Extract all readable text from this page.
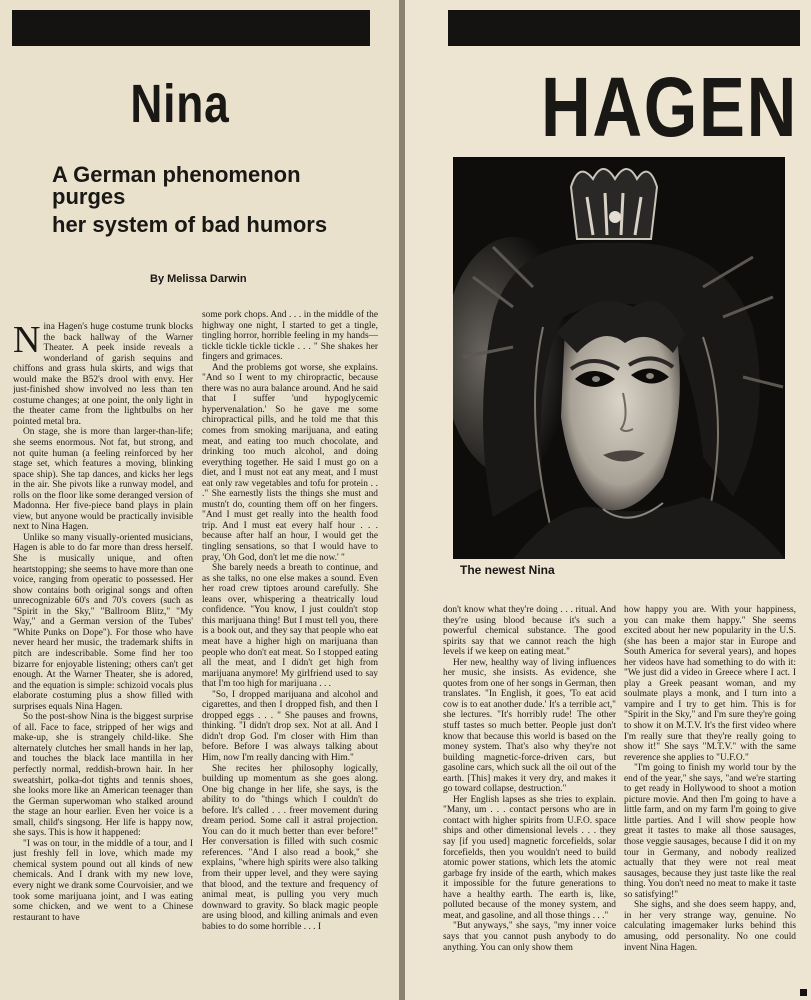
Nina
A German phenomenon purges
her system of bad humors
By Melissa Darwin

Nina Hagen's huge costume trunk blocks the back hallway of the Warner Theater. A peek inside reveals a wonderland of garish sequins and chiffons and grass hula skirts, and wigs that would make the B52's drool with envy. Her just-finished show involved no less than ten costume changes; at one point, the only light in the theater came from the lightbulbs on her pointed metal bra.

On stage, she is more than larger-than-life; she seems enormous. Not fat, but strong, and not quite human (a feeling reinforced by her stage set, which features a moving, blinking space ship). She tap dances, and kicks her legs in the air. She pivots like a runway model, and rolls on the floor like some deranged version of Madonna. Her five-piece band plays in plain view, but anyone would be practically invisible next to Nina Hagen.

Unlike so many visually-oriented musicians, Hagen is able to do far more than dress herself. She is musically unique, and often heartstopping; she seems to have more than one voice, ranging from operatic to possessed. Her show contains both original songs and often unrecognizable 60's and 70's covers (such as "Spirit in the Sky," "Ballroom Blitz," "My Way," and a German version of the Tubes' "White Punks on Dope"). For those who have never heard her music, the trademark shifts in pitch are indescribable. Some find her too bizarre for enjoyable listening; others can't get enough. At the Warner Theater, she is adored, and the equation is simple: schizoid vocals plus elaborate costuming plus a show filled with surprises equals Nina Hagen.

So the post-show Nina is the biggest surprise of all. Face to face, stripped of her wigs and make-up, she is strangely child-like. She alternately clutches her small hands in her lap, and touches the black lace mantilla in her perfectly normal, reddish-brown hair. In her sweatshirt, polka-dot tights and tennis shoes, she looks more like an American teenager than the German superwoman who stalked around the stage an hour earlier. Even her voice is a small, child's singsong. Her life is happy now, she says. This is how it happened:

"I was on tour, in the middle of a tour, and I just freshly fell in love, which made my chemical system pound out all kinds of new chemicals. And I drank with my new love, every night we drank some Courvoisier, and we took some marijuana joint, and I was eating some chicken, and we went to a Chinese restaurant to have

some pork chops. And . . . in the middle of the highway one night, I started to get a tingle, tingling horror, horrible feeling in my hands—tickle tickle tickle tickle . . . " She shakes her fingers and grimaces.

And the problems got worse, she explains. "And so I went to my chiropractic, because there was no aura balance around. And he said that I suffer 'und hypoglycemic hypervenalation.' So he gave me some chiropractical pills, and he told me that this comes from smoking marijuana, and eating meat, and eating too much chocolate, and drinking too much alcohol, and doing everything together. He said I must go on a diet, and I must not eat any meat, and I must eat only raw vegetables and tofu for protein . . ." She earnestly lists the things she must and mustn't do, counting them off on her fingers. "And I must get really into the health food trip. And I must eat every half hour . . . because after half an hour, I would get the tingling sensations, so that I would have to pray, 'Oh God, don't let me die now.' "

She barely needs a breath to continue, and as she talks, no one else makes a sound. Even her road crew tiptoes around carefully. She leans over, whispering a theatrically loud confidence. "You know, I just couldn't stop this marijuana thing! But I must tell you, there is a book out, and they say that people who eat meat have a higher high on marijuana than people who don't eat meat. So I stopped eating all the meat, and I didn't get high from marijuana anymore! My girlfriend used to say that I'm too high for marijuana . . .

"So, I dropped marijuana and alcohol and cigarettes, and then I dropped fish, and then I dropped eggs . . . " She pauses and frowns, thinking. "I didn't drop sex. Not at all. And I didn't drop God. I'm closer with Him than before. Before I was always talking about Him, now I'm really dancing with Him."

She recites her philosophy logically, building up momentum as she goes along. One big change in her life, she says, is the ability to do "things which I couldn't do before. It's called . . . freer movement during dream period. Some call it astral projection. You can do it much better than ever before!" Her conversation is filled with such cosmic references. "And I also read a book," she explains, "where high spirits were also talking from their upper level, and they were saying that blood, and the texture and frequency of animal meat, is pulling you very much downward to gravity. So black magic people are using blood, and killing animals and even babies to do some horrible . . . I

HAGEN
The newest Nina

don't know what they're doing . . . ritual. And they're using blood because it's such a powerful chemical substance. The good spirits say that we cannot reach the high levels if we keep on eating meat."

Her new, healthy way of living influences her music, she insists. As evidence, she quotes from one of her songs in German, then translates. "In English, it goes, 'To eat acid cow is to eat another dude.' It's a terrible act," she lectures. "It's horribly rude! The other stuff tastes so much better. People just don't know that because this world is based on the money system. That's also why they're not building magnetic-force-driven cars, but gasoline cars, which suck all the oil out of the earth. [This] makes it very dry, and makes it go toward collapse, destruction."

Her English lapses as she tries to explain. "Many, um . . . contact persons who are in contact with higher spirits from U.F.O. space ships and other dimensional levels . . . they say [if you used] magnetic forcefields, solar forcefields, then you wouldn't need to build atomic power stations, which lets the atomic garbage fry inside of the earth, which makes it impossible for the future generations to have a healthy earth. The earth is, like, polluted because of the money system, and meat, and gasoline, and all those things . . ."

"But anyways," she says, "my inner voice says that you cannot push anybody to do anything. You can only show them

how happy you are. With your happiness, you can make them happy." She seems excited about her new popularity in the U.S. (she has been a major star in Europe and South America for several years), and hopes her videos have had something to do with it: "We just did a video in Greece where I act. I play a Greek peasant woman, and my soulmate plays a monk, and I turn into a vampire and I try to get him. This is for "Spirit in the Sky," and I'm sure they're going to show it on M.T.V. It's the first video where I'm really sure that they're really going to show it!" She says "M.T.V." with the same reverence she applies to "U.F.O."

"I'm going to finish my world tour by the end of the year," she says, "and we're starting to get ready in Hollywood to shoot a motion picture movie. And then I'm going to have a little farm, and on my farm I'm going to give little parties. And I will show people how great it tastes to make all those sausages, those veggie sausages, because I did it on my tour in Germany, and nobody realized actually that they were not real meat sausages, because they just taste like the real thing. You don't need no meat to make it taste so satisfying!"

She sighs, and she does seem happy, and, in her very strange way, genuine. No calculating imagemaker lurks behind this amusing, odd personality. No one could invent Nina Hagen.
